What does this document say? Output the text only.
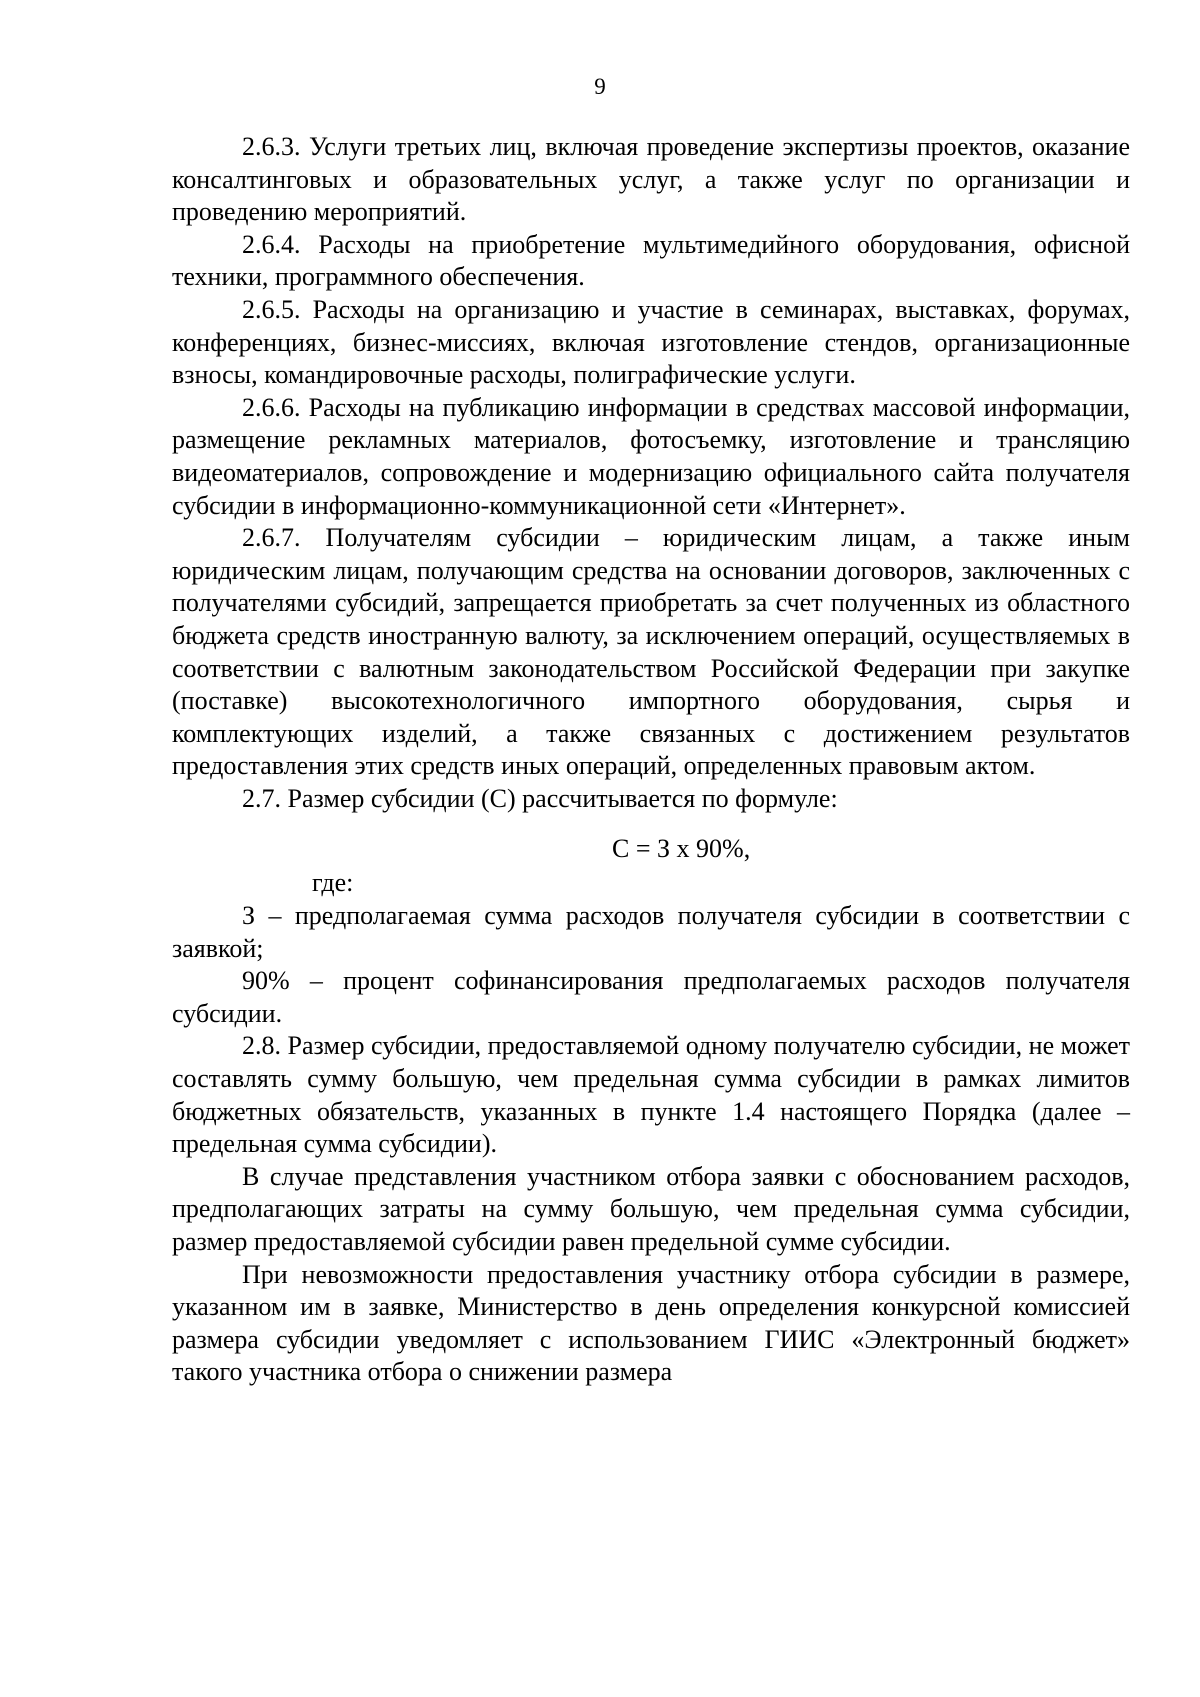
9

2.6.3. Услуги третьих лиц, включая проведение экспертизы проектов, оказание консалтинговых и образовательных услуг, а также услуг по организации и проведению мероприятий.

2.6.4. Расходы на приобретение мультимедийного оборудования, офисной техники, программного обеспечения.

2.6.5. Расходы на организацию и участие в семинарах, выставках, форумах, конференциях, бизнес-миссиях, включая изготовление стендов, организационные взносы, командировочные расходы, полиграфические услуги.

2.6.6. Расходы на публикацию информации в средствах массовой информации, размещение рекламных материалов, фотосъемку, изготовление и трансляцию видеоматериалов, сопровождение и модернизацию официального сайта получателя субсидии в информационно-коммуникационной сети «Интернет».

2.6.7. Получателям субсидии – юридическим лицам, а также иным юридическим лицам, получающим средства на основании договоров, заключенных с получателями субсидий, запрещается приобретать за счет полученных из областного бюджета средств иностранную валюту, за исключением операций, осуществляемых в соответствии с валютным законодательством Российской Федерации при закупке (поставке) высокотехнологичного импортного оборудования, сырья и комплектующих изделий, а также связанных с достижением результатов предоставления этих средств иных операций, определенных правовым актом.

2.7. Размер субсидии (С) рассчитывается по формуле:

С = З х 90%,

где:

З – предполагаемая сумма расходов получателя субсидии в соответствии с заявкой;

90% – процент софинансирования предполагаемых расходов получателя субсидии.

2.8. Размер субсидии, предоставляемой одному получателю субсидии, не может составлять сумму большую, чем предельная сумма субсидии в рамках лимитов бюджетных обязательств, указанных в пункте 1.4 настоящего Порядка (далее – предельная сумма субсидии).

В случае представления участником отбора заявки с обоснованием расходов, предполагающих затраты на сумму большую, чем предельная сумма субсидии, размер предоставляемой субсидии равен предельной сумме субсидии.

При невозможности предоставления участнику отбора субсидии в размере, указанном им в заявке, Министерство в день определения конкурсной комиссией размера субсидии уведомляет с использованием ГИИС «Электронный бюджет» такого участника отбора о снижении размера
